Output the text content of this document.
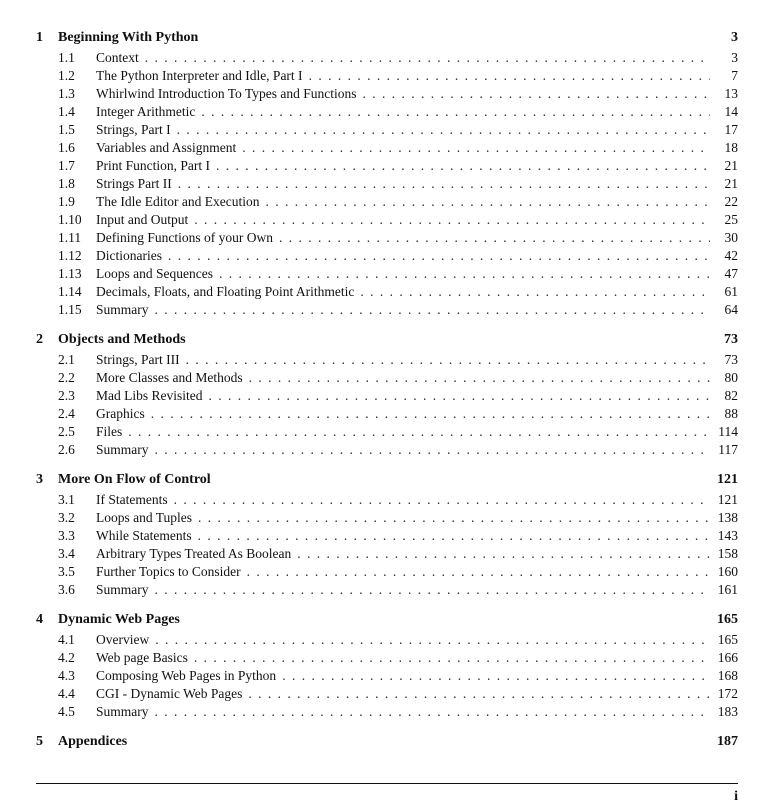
1	Beginning With Python	3
1.1	Context . . .	3
1.2	The Python Interpreter and Idle, Part I . . .	7
1.3	Whirlwind Introduction To Types and Functions . . .	13
1.4	Integer Arithmetic . . .	14
1.5	Strings, Part I . . .	17
1.6	Variables and Assignment . . .	18
1.7	Print Function, Part I . . .	21
1.8	Strings Part II . . .	21
1.9	The Idle Editor and Execution . . .	22
1.10	Input and Output . . .	25
1.11	Defining Functions of your Own . . .	30
1.12	Dictionaries . . .	42
1.13	Loops and Sequences . . .	47
1.14	Decimals, Floats, and Floating Point Arithmetic . . .	61
1.15	Summary . . .	64
2	Objects and Methods	73
2.1	Strings, Part III . . .	73
2.2	More Classes and Methods . . .	80
2.3	Mad Libs Revisited . . .	82
2.4	Graphics . . .	88
2.5	Files . . .	114
2.6	Summary . . .	117
3	More On Flow of Control	121
3.1	If Statements . . .	121
3.2	Loops and Tuples . . .	138
3.3	While Statements . . .	143
3.4	Arbitrary Types Treated As Boolean . . .	158
3.5	Further Topics to Consider . . .	160
3.6	Summary . . .	161
4	Dynamic Web Pages	165
4.1	Overview . . .	165
4.2	Web page Basics . . .	166
4.3	Composing Web Pages in Python . . .	168
4.4	CGI - Dynamic Web Pages . . .	172
4.5	Summary . . .	183
5	Appendices	187
i
